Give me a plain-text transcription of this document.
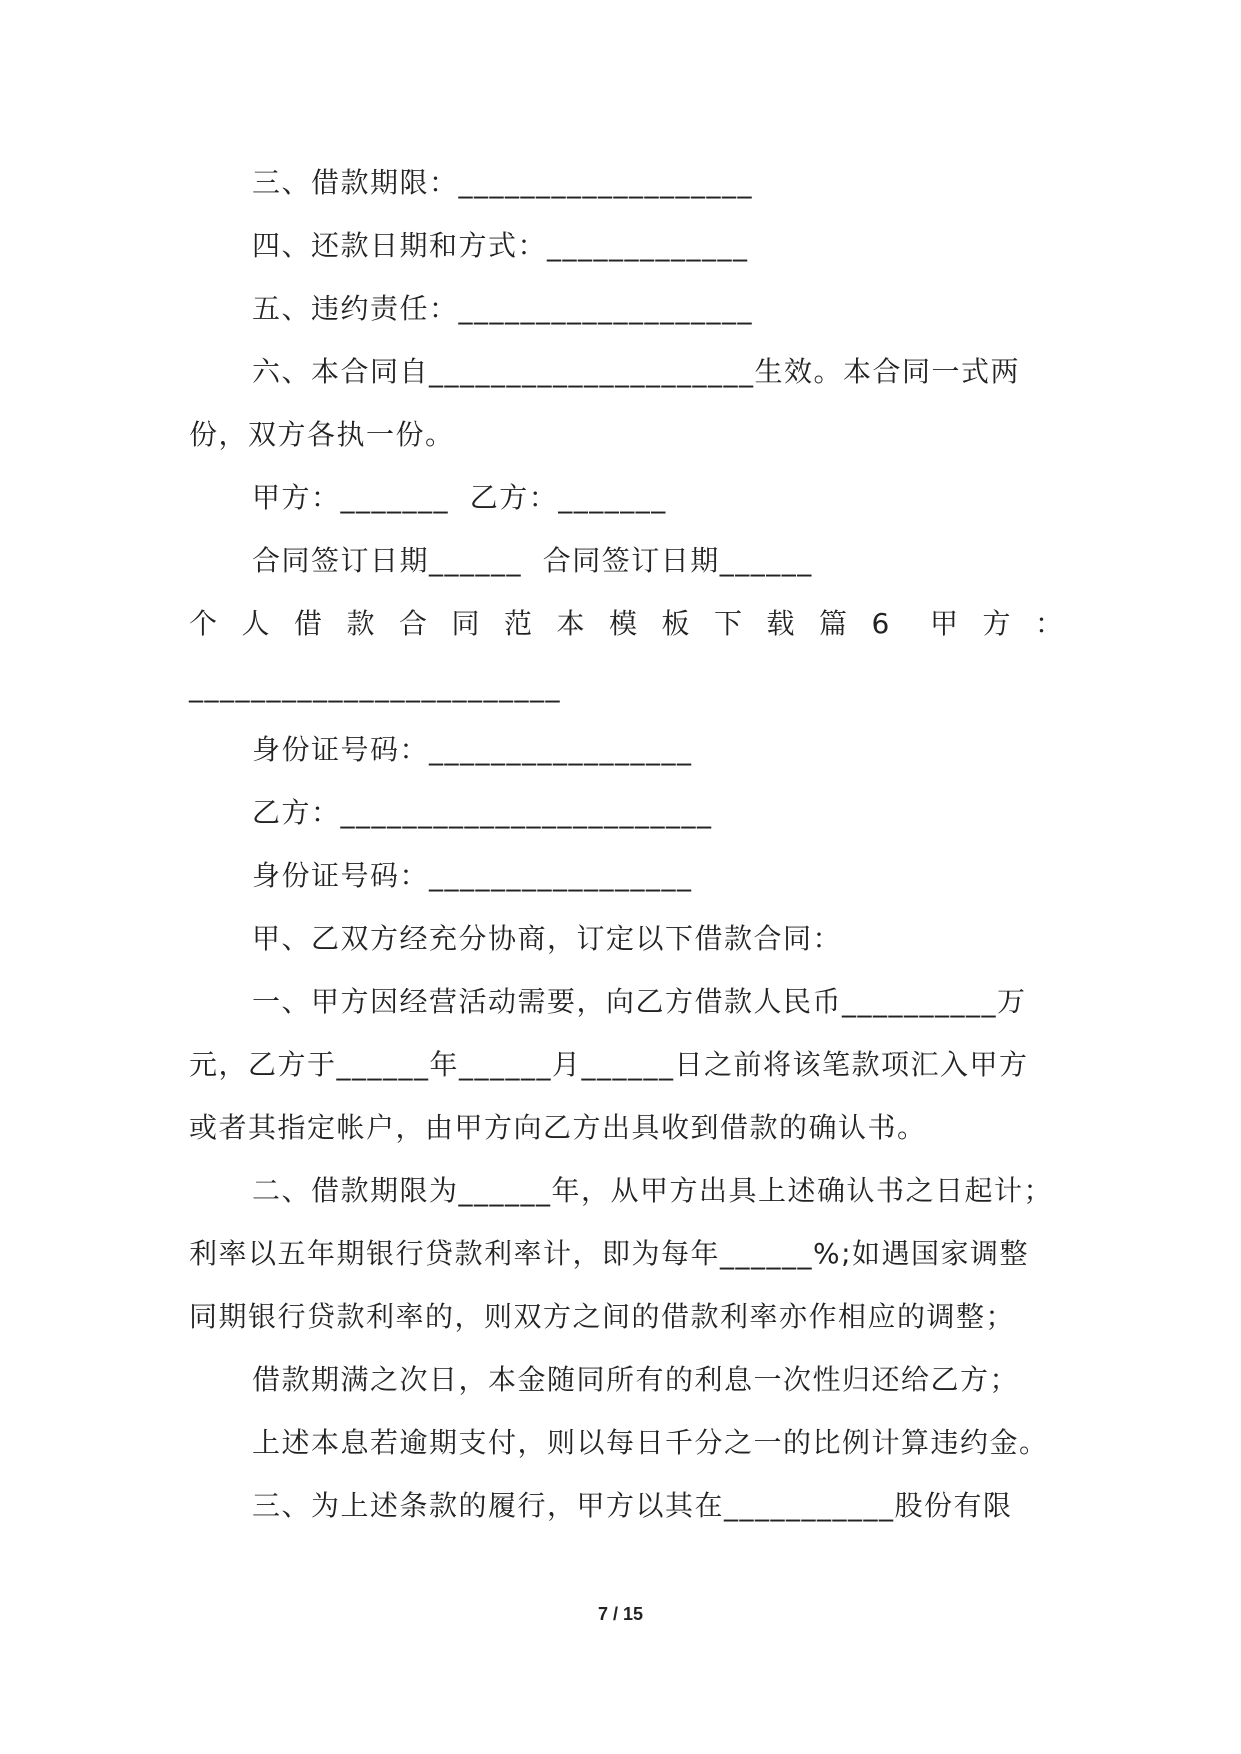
三、借款期限：___________________
四、还款日期和方式：_____________
五、违约责任：___________________
六、本合同自_____________________生效。本合同一式两
份，双方各执一份。
甲方：_______  乙方：_______
合同签订日期______  合同签订日期______
个人借款合同范本模板下载篇6 甲方：
________________________
身份证号码：_________________
乙方：________________________
身份证号码：_________________
甲、乙双方经充分协商，订定以下借款合同：
一、甲方因经营活动需要，向乙方借款人民币__________万
元，乙方于______年______月______日之前将该笔款项汇入甲方
或者其指定帐户，由甲方向乙方出具收到借款的确认书。
二、借款期限为______年，从甲方出具上述确认书之日起计；
利率以五年期银行贷款利率计，即为每年______%;如遇国家调整
同期银行贷款利率的，则双方之间的借款利率亦作相应的调整；
借款期满之次日，本金随同所有的利息一次性归还给乙方；
上述本息若逾期支付，则以每日千分之一的比例计算违约金。
三、为上述条款的履行，甲方以其在___________股份有限
7 / 15
